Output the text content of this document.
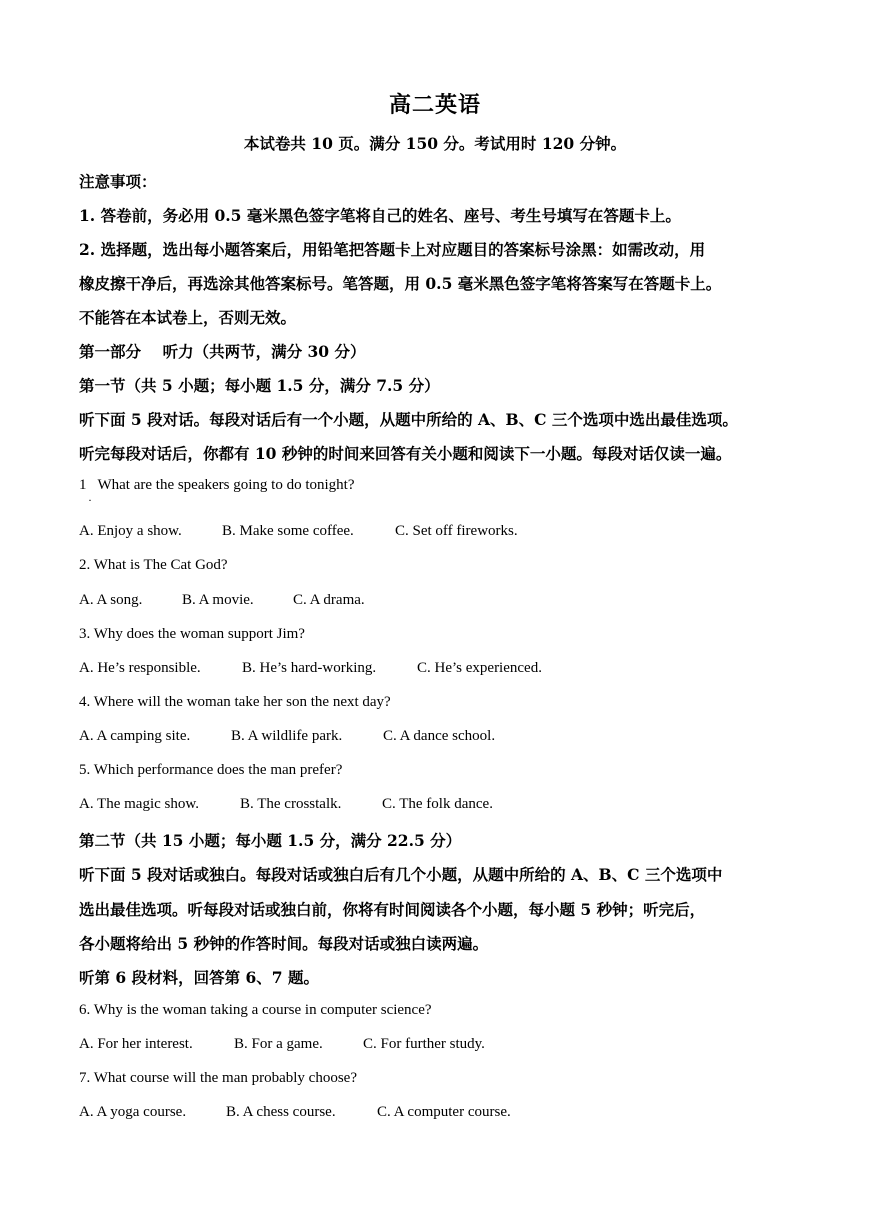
高二英语
本试卷共 10 页。满分 150 分。考试用时 120 分钟。
注意事项：
1. 答卷前，务必用 0.5 毫米黑色签字笔将自己的姓名、座号、考生号填写在答题卡上。
2. 选择题，选出每小题答案后，用铅笔把答题卡上对应题目的答案标号涂黑：如需改动，用
橡皮擦干净后，再选涂其他答案标号。笔答题，用 0.5 毫米黑色签字笔将答案写在答题卡上。
不能答在本试卷上，否则无效。
第一部分    听力（共两节，满分 30 分）
第一节（共 5 小题；每小题 1.5 分，满分 7.5 分）
听下面 5 段对话。每段对话后有一个小题，从题中所给的 A、B、C 三个选项中选出最佳选项。
听完每段对话后，你都有 10 秒钟的时间来回答有关小题和阅读下一小题。每段对话仅读一遍。
1   What are the speakers going to do tonight?
·
A. Enjoy a show.	B. Make some coffee.	C. Set off fireworks.
2. What is The Cat God?
A. A song.	B. A movie.	C. A drama.
3. Why does the woman support Jim?
A. He’s responsible.	B. He’s hard-working.	C. He’s experienced.
4. Where will the woman take her son the next day?
A. A camping site.	B. A wildlife park.	C. A dance school.
5. Which performance does the man prefer?
A. The magic show.	B. The crosstalk.	C. The folk dance.
第二节（共 15 小题；每小题 1.5 分，满分 22.5 分）
听下面 5 段对话或独白。每段对话或独白后有几个小题，从题中所给的 A、B、C 三个选项中
选出最佳选项。听每段对话或独白前，你将有时间阅读各个小题，每小题 5 秒钟；听完后，
各小题将给出 5 秒钟的作答时间。每段对话或独白读两遍。
听第 6 段材料，回答第 6、7 题。
6. Why is the woman taking a course in computer science?
A. For her interest.	B. For a game.	C. For further study.
7. What course will the man probably choose?
A. A yoga course.	B. A chess course.	C. A computer course.
